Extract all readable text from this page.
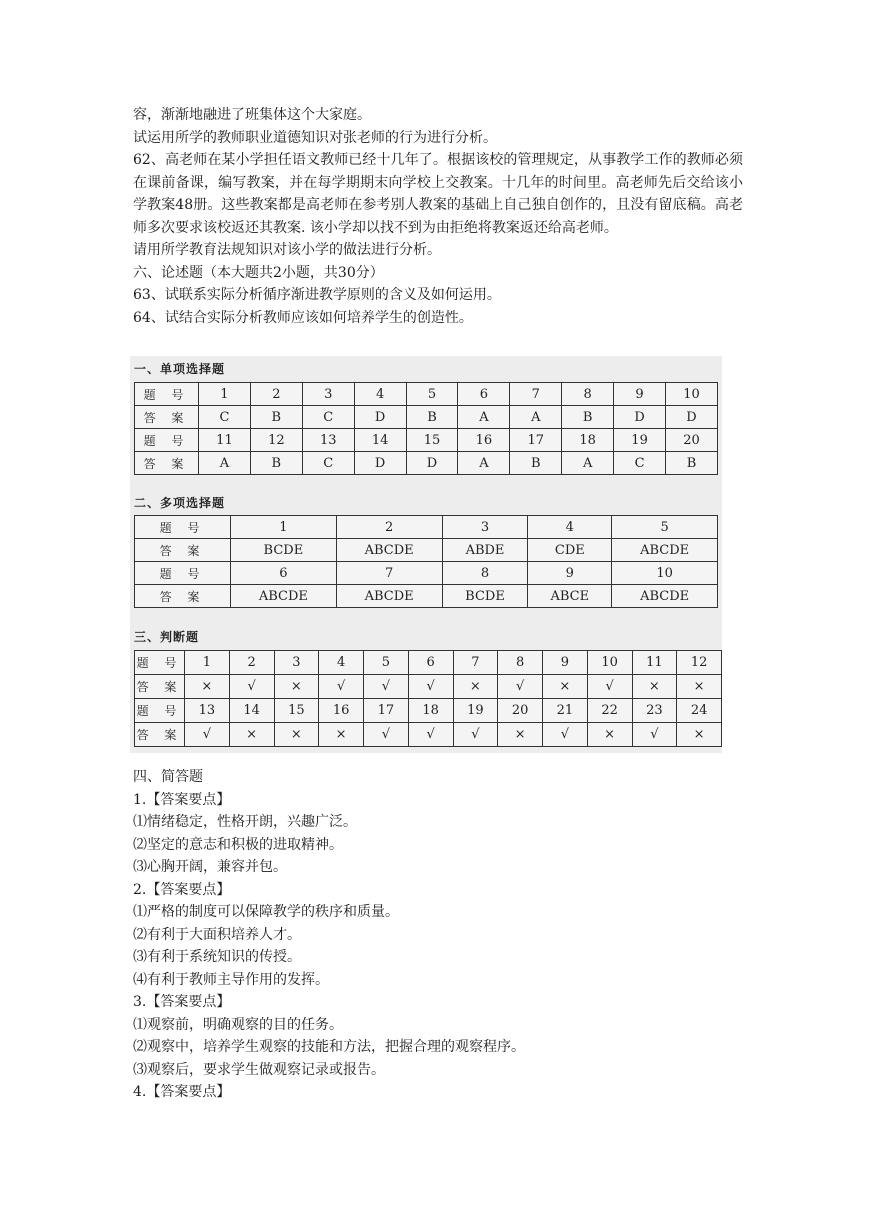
容，渐渐地融进了班集体这个大家庭。

试运用所学的教师职业道德知识对张老师的行为进行分析。

62、高老师在某小学担任语文教师已经十几年了。根据该校的管理规定，从事教学工作的教师必须在课前备课，编写教案，并在每学期期末向学校上交教案。十几年的时间里。高老师先后交给该小学教案48册。这些教案都是高老师在参考别人教案的基础上自己独自创作的，且没有留底稿。高老师多次要求该校返还其教案. 该小学却以找不到为由拒绝将教案返还给高老师。

请用所学教育法规知识对该小学的做法进行分析。

六、论述题（本大题共2小题，共30分）

63、试联系实际分析循序渐进教学原则的含义及如何运用。

64、试结合实际分析教师应该如何培养学生的创造性。

一、单项选择题
题 号	1	2	3	4	5	6	7	8	9	10
答 案	C	B	C	D	B	A	A	B	D	D
题 号	11	12	13	14	15	16	17	18	19	20
答 案	A	B	C	D	D	A	B	A	C	B
二、多项选择题
题 号	1	2	3	4	5
答 案	BCDE	ABCDE	ABDE	CDE	ABCDE
题 号	6	7	8	9	10
答 案	ABCDE	ABCDE	BCDE	ABCE	ABCDE
三、判断题
题 号	1	2	3	4	5	6	7	8	9	10	11	12
答 案	×	√	×	√	√	√	×	√	×	√	×	×
题 号	13	14	15	16	17	18	19	20	21	22	23	24
答 案	√	×	×	×	√	√	√	×	√	×	√	×

四、简答题

1.【答案要点】

⑴情绪稳定，性格开朗，兴趣广泛。

⑵坚定的意志和积极的进取精神。

⑶心胸开阔，兼容并包。

2.【答案要点】

⑴严格的制度可以保障教学的秩序和质量。

⑵有利于大面积培养人才。

⑶有利于系统知识的传授。

⑷有利于教师主导作用的发挥。

3.【答案要点】

⑴观察前，明确观察的目的任务。

⑵观察中，培养学生观察的技能和方法，把握合理的观察程序。

⑶观察后，要求学生做观察记录或报告。

4.【答案要点】
